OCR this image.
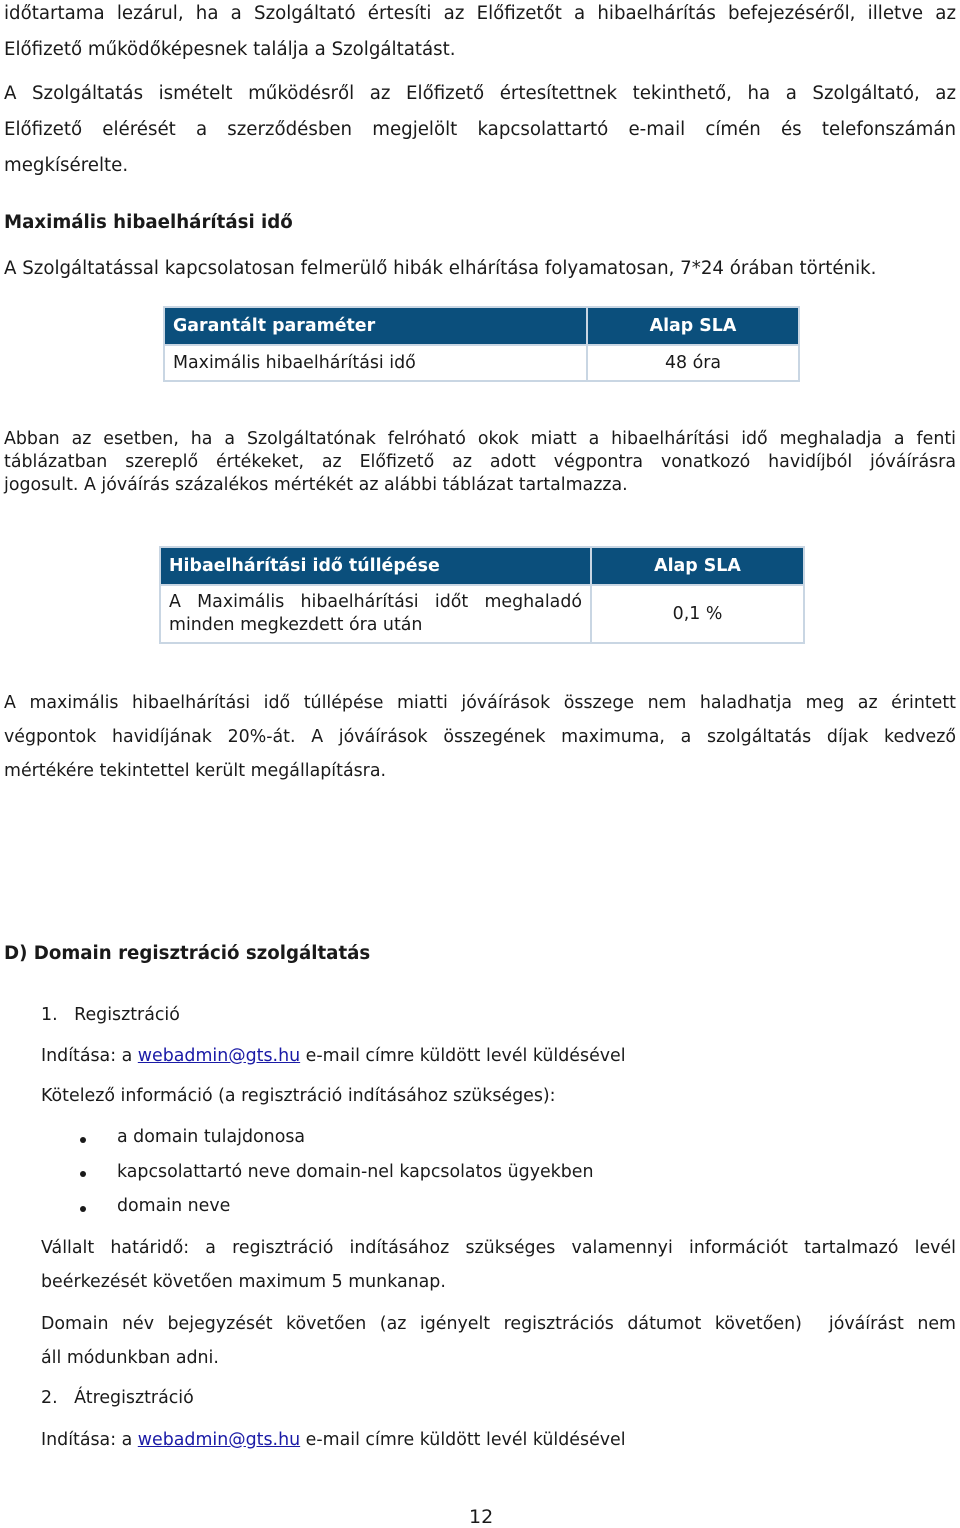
időtartama lezárul, ha a Szolgáltató értesíti az Előfizetőt a hibaelhárítás befejezéséről, illetve az
Előfizető működőképesnek találja a Szolgáltatást.
A Szolgáltatás ismételt működésről az Előfizető értesítettnek tekinthető, ha a Szolgáltató, az
Előfizető elérését a szerződésben megjelölt kapcsolattartó e-mail címén és telefonszámán
megkísérelte.
Maximális hibaelhárítási idő
A Szolgáltatással kapcsolatosan felmerülő hibák elhárítása folyamatosan, 7*24 órában történik.
Garantált paraméter	Alap SLA
Maximális hibaelhárítási idő	48 óra
Abban az esetben, ha a Szolgáltatónak felróható okok miatt a hibaelhárítási idő meghaladja a fenti
táblázatban szereplő értékeket, az Előfizető az adott végpontra vonatkozó havidíjból jóváírásra
jogosult. A jóváírás százalékos mértékét az alábbi táblázat tartalmazza.
Hibaelhárítási idő túllépése	Alap SLA

A Maximális hibaelhárítási időt meghaladó
minden megkezdett óra után	0,1 %
A maximális hibaelhárítási idő túllépése miatti jóváírások összege nem haladhatja meg az érintett
végpontok havidíjának 20%-át. A jóváírások összegének maximuma, a szolgáltatás díjak kedvező
mértékére tekintettel került megállapításra.
D) Domain regisztráció szolgáltatás
1.   Regisztráció
Indítása: a webadmin@gts.hu e-mail címre küldött levél küldésével
Kötelező információ (a regisztráció indításához szükséges):
a domain tulajdonosa
kapcsolattartó neve domain-nel kapcsolatos ügyekben
domain neve
Vállalt határidő: a regisztráció indításához szükséges valamennyi információt tartalmazó levél
beérkezését követően maximum 5 munkanap.
Domain név bejegyzését követően (az igényelt regisztrációs dátumot követően)  jóváírást nem
áll módunkban adni.
2.   Átregisztráció
Indítása: a webadmin@gts.hu e-mail címre küldött levél küldésével
12
